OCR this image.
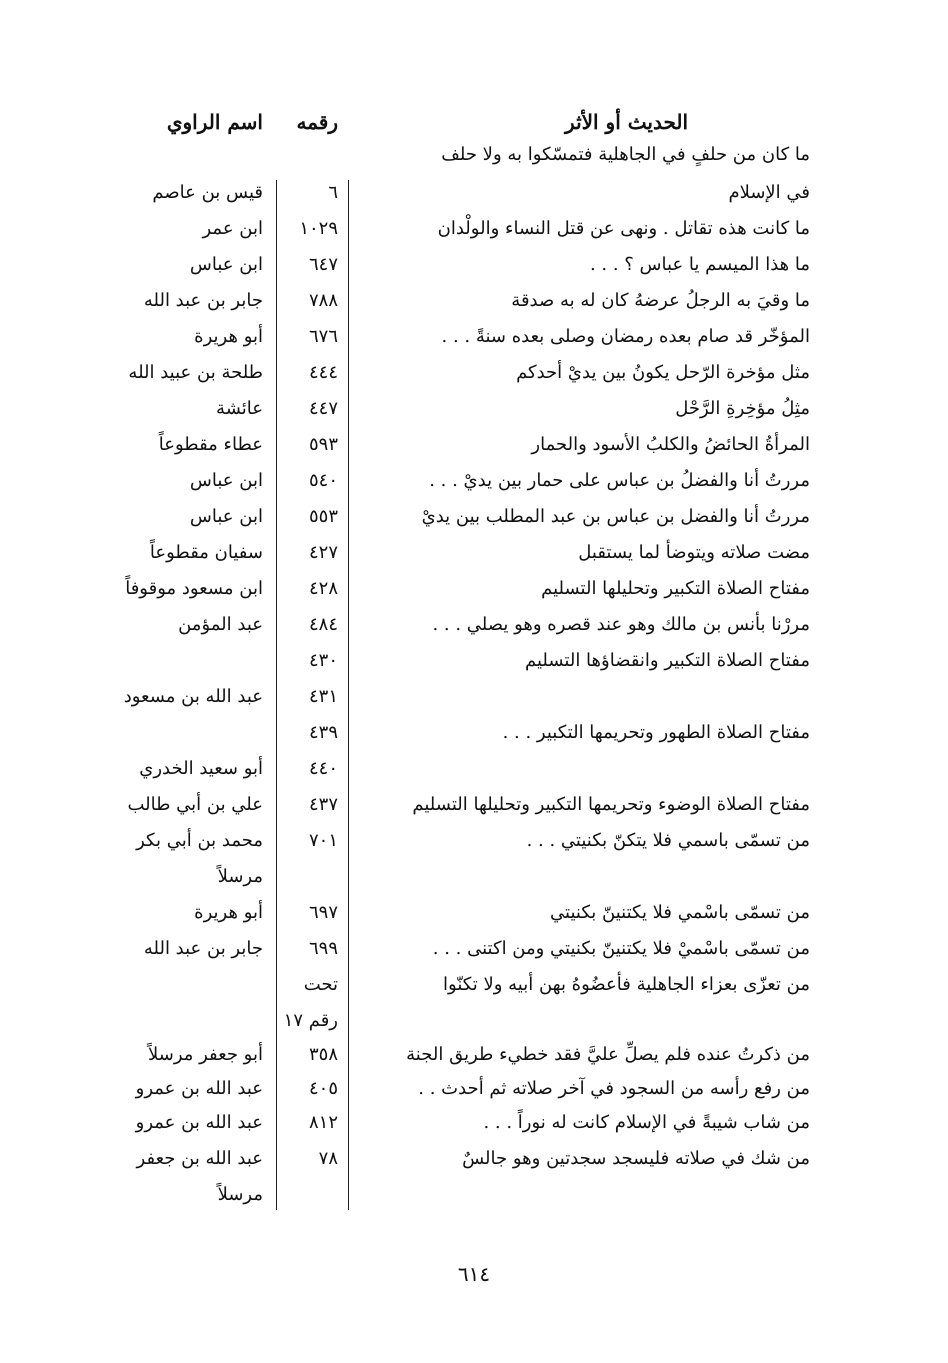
الحديث أو الأثر
رقمه
اسم الراوي
ما كان من حلفٍ في الجاهلية فتمسّكوا به ولا حلف
في الإسلام
ما كانت هذه تقاتل . ونهى عن قتل النساء والولْدان
ما هذا الميسم يا عباس ؟ . . .
ما وقيَ به الرجلُ عرضهُ كان له به صدقة
المؤخّر قد صام بعده رمضان وصلى بعده سنةً . . .
مثل مؤخرة الرّحل يكونُ بين يديْ أحدكم
مثِلُ مؤخِرةِ الرَّحْل
المرأةُ الحائضُ والكلبُ الأسود والحمار
مررتُ أنا والفضلُ بن عباس على حمار بين يديْ . . .
مررتُ أنا والفضل بن عباس بن عبد المطلب بين يديْ
مضت صلاته ويتوضأ لما يستقبل
مفتاح الصلاة التكبير وتحليلها التسليم
مررْنا بأنس بن مالك وهو عند قصره وهو يصلي . . .
مفتاح الصلاة التكبير وانقضاؤها التسليم
مفتاح الصلاة الطهور وتحريمها التكبير . . .
مفتاح الصلاة الوضوء وتحريمها التكبير وتحليلها التسليم
من تسمّى باسمي فلا يتكنّ بكنيتي . . .
من تسمّى باسْمي فلا يكتنينّ بكنيتي
من تسمّى باسْميْ فلا يكتنينّ بكنيتي ومن اكتنى . . .
من تعزّى بعزاء الجاهلية فأعضُوهُ بهن أبيه ولا تكنّوا
من ذكرتُ عنده فلم يصلِّ عليَّ فقد خطيء طريق الجنة
من رفع رأسه من السجود في آخر صلاته ثم أحدث . .
من شاب شيبةً في الإسلام كانت له نوراً . . .
من شك في صلاته فليسجد سجدتين وهو جالسٌ
٦
١٠٢٩
٦٤٧
٧٨٨
٦٧٦
٤٤٤
٤٤٧
٥٩٣
٥٤٠
٥٥٣
٤٢٧
٤٢٨
٤٨٤
٤٣٠
٤٣١
٤٣٩
٤٤٠
٤٣٧
٧٠١
٦٩٧
٦٩٩
تحت
رقم ١٧
٣٥٨
٤٠٥
٨١٢
٧٨
قيس بن عاصم
ابن عمر
ابن عباس
جابر بن عبد الله
أبو هريرة
طلحة بن عبيد الله
عائشة
عطاء مقطوعاً
ابن عباس
ابن عباس
سفيان مقطوعاً
ابن مسعود موقوفاً
عبد المؤمن
عبد الله بن مسعود
أبو سعيد الخدري
علي بن أبي طالب
محمد بن أبي بكر
مرسلاً
أبو هريرة
جابر بن عبد الله
أبو جعفر مرسلاً
عبد الله بن عمرو
عبد الله بن عمرو
عبد الله بن جعفر
مرسلاً
٦١٤
